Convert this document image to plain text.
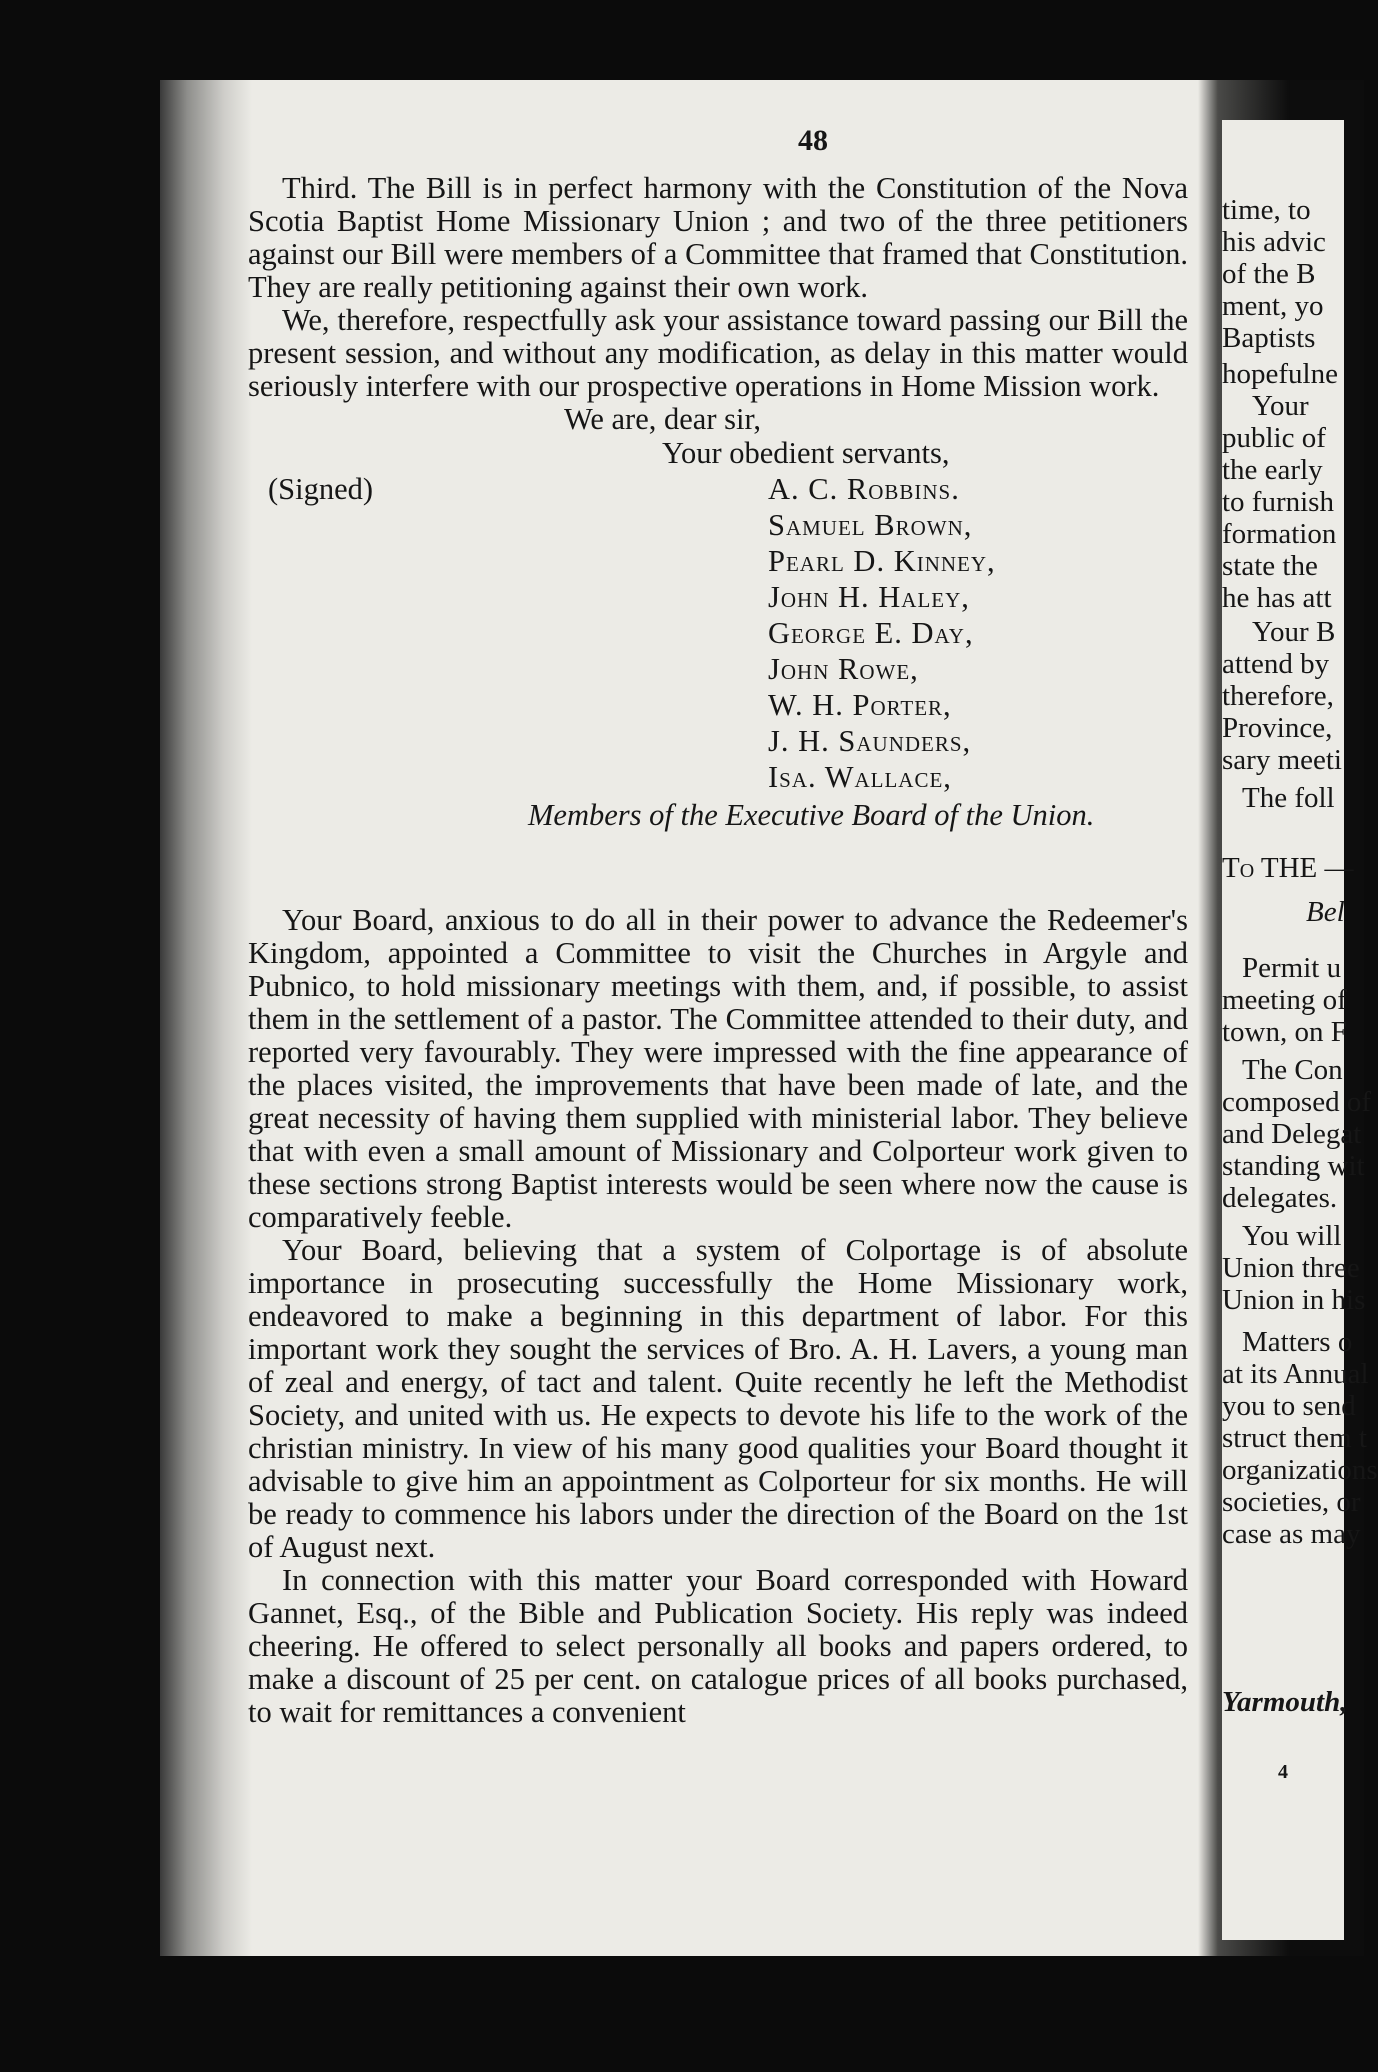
48

Third. The Bill is in perfect harmony with the Constitution of the Nova Scotia Baptist Home Missionary Union ; and two of the three petitioners against our Bill were members of a Committee that framed that Constitution. They are really petitioning against their own work.

We, therefore, respectfully ask your assistance toward passing our Bill the present session, and without any modification, as delay in this matter would seriously interfere with our prospective operations in Home Mission work.

We are, dear sir,
Your obedient servants,
(Signed)	A. C. Robbins.
Samuel Brown,
Pearl D. Kinney,
John H. Haley,
George E. Day,
John Rowe,
W. H. Porter,
J. H. Saunders,
Isa. Wallace,
Members of the Executive Board of the Union.

Your Board, anxious to do all in their power to advance the Redeemer's Kingdom, appointed a Committee to visit the Churches in Argyle and Pubnico, to hold missionary meetings with them, and, if possible, to assist them in the settlement of a pastor. The Committee attended to their duty, and reported very favourably. They were impressed with the fine appearance of the places visited, the improvements that have been made of late, and the great necessity of having them supplied with ministerial labor. They believe that with even a small amount of Missionary and Colporteur work given to these sections strong Baptist interests would be seen where now the cause is comparatively feeble.

Your Board, believing that a system of Colportage is of absolute importance in prosecuting successfully the Home Missionary work, endeavored to make a beginning in this department of labor. For this important work they sought the services of Bro. A. H. Lavers, a young man of zeal and energy, of tact and talent. Quite recently he left the Methodist Society, and united with us. He expects to devote his life to the work of the christian ministry. In view of his many good qualities your Board thought it advisable to give him an appointment as Colporteur for six months. He will be ready to commence his labors under the direction of the Board on the 1st of August next.

In connection with this matter your Board corresponded with Howard Gannet, Esq., of the Bible and Publication Society. His reply was indeed cheering. He offered to select personally all books and papers ordered, to make a discount of 25 per cent. on catalogue prices of all books purchased, to wait for remittances a convenient

time, to
his advic
of the B
ment, yo
Baptists
hopefulne
Your
public of
the early
to furnish
formation
state the
he has att
Your B
attend by
therefore,
Province,
sary meeti
The foll
To THE —
Bel
Permit u
meeting of
town, on F
The Con
composed of
and Delegat
standing wit
delegates.
You will
Union three
Union in his
Matters o
at its Annual
you to send
struct them t
organizations
societies, or
case as may
Yarmouth,
4
